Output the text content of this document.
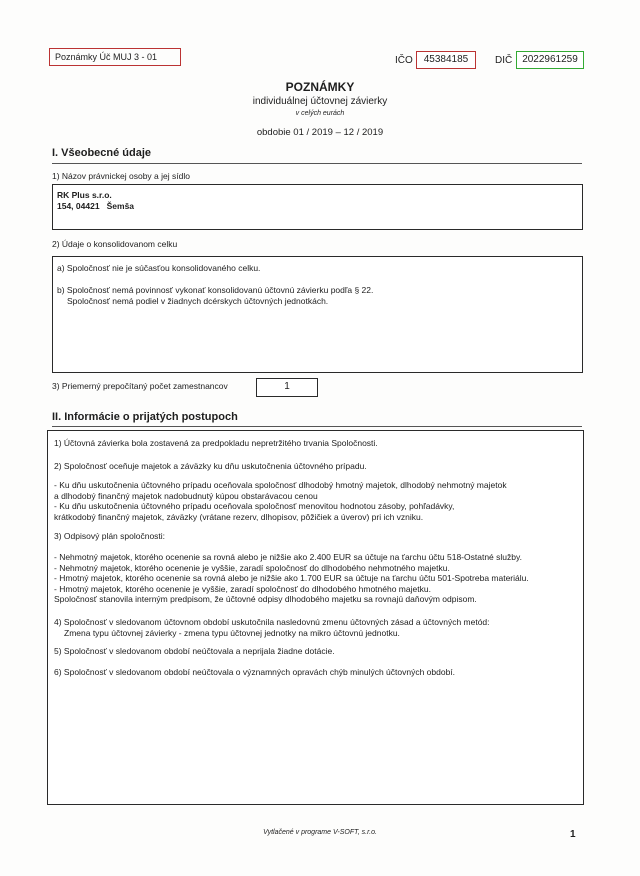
Poznámky Úč MUJ 3 - 01	IČO	45384185	DIČ 2022961259
POZNÁMKY
individuálnej účtovnej závierky
v celých eurách
obdobie 01 / 2019 – 12 / 2019
I. Všeobecné údaje
1) Názov právnickej osoby a jej sídlo
RK Plus s.r.o.
154, 04421   Šemša
2) Údaje o konsolidovanom celku
a) Spoločnosť nie je súčasťou konsolidovaného celku.
b) Spoločnosť nemá povinnosť vykonať konsolidovanú účtovnú závierku podľa § 22.
Spoločnosť nemá podiel v žiadnych dcérskych účtovných jednotkách.
3) Priemerný prepočítaný počet zamestnancov	1
II. Informácie o prijatých postupoch
1) Účtovná závierka bola zostavená za predpokladu nepretržitého trvania Spoločnosti.
2) Spoločnosť oceňuje majetok a záväzky ku dňu uskutočnenia účtovného prípadu.
- Ku dňu uskutočnenia účtovného prípadu oceňovala spoločnosť dlhodobý hmotný majetok, dlhodobý nehmotný majetok
a dlhodobý finančný majetok nadobudnutý kúpou obstarávacou cenou
- Ku dňu uskutočnenia účtovného prípadu oceňovala spoločnosť menovitou hodnotou zásoby, pohľadávky,
krátkodobý finančný majetok, záväzky (vrátane rezerv, dlhopisov, pôžičiek a úverov) pri ich vzniku.
3) Odpisový plán spoločnosti:
- Nehmotný majetok, ktorého ocenenie sa rovná alebo je nižšie ako 2.400 EUR sa účtuje na ťarchu účtu 518-Ostatné služby.
- Nehmotný majetok, ktorého ocenenie je vyššie, zaradí spoločnosť do dlhodobého nehmotného majetku.
- Hmotný majetok, ktorého ocenenie sa rovná alebo je nižšie ako 1.700 EUR sa účtuje na ťarchu účtu 501-Spotreba materiálu.
- Hmotný majetok, ktorého ocenenie je vyššie, zaradí spoločnosť do dlhodobého hmotného majetku.
Spoločnosť stanovila interným predpisom, že účtovné odpisy dlhodobého majetku sa rovnajú daňovým odpisom.
4) Spoločnosť v sledovanom účtovnom období uskutočnila nasledovnú zmenu účtovných zásad a účtovných metód:
Zmena typu účtovnej závierky - zmena typu účtovnej jednotky na mikro účtovnú jednotku.
5) Spoločnosť v sledovanom období neúčtovala a neprijala žiadne dotácie.
6) Spoločnosť v sledovanom období neúčtovala o významných opravách chýb minulých účtovných období.
Vytlačené v programe V-SOFT, s.r.o.	1
